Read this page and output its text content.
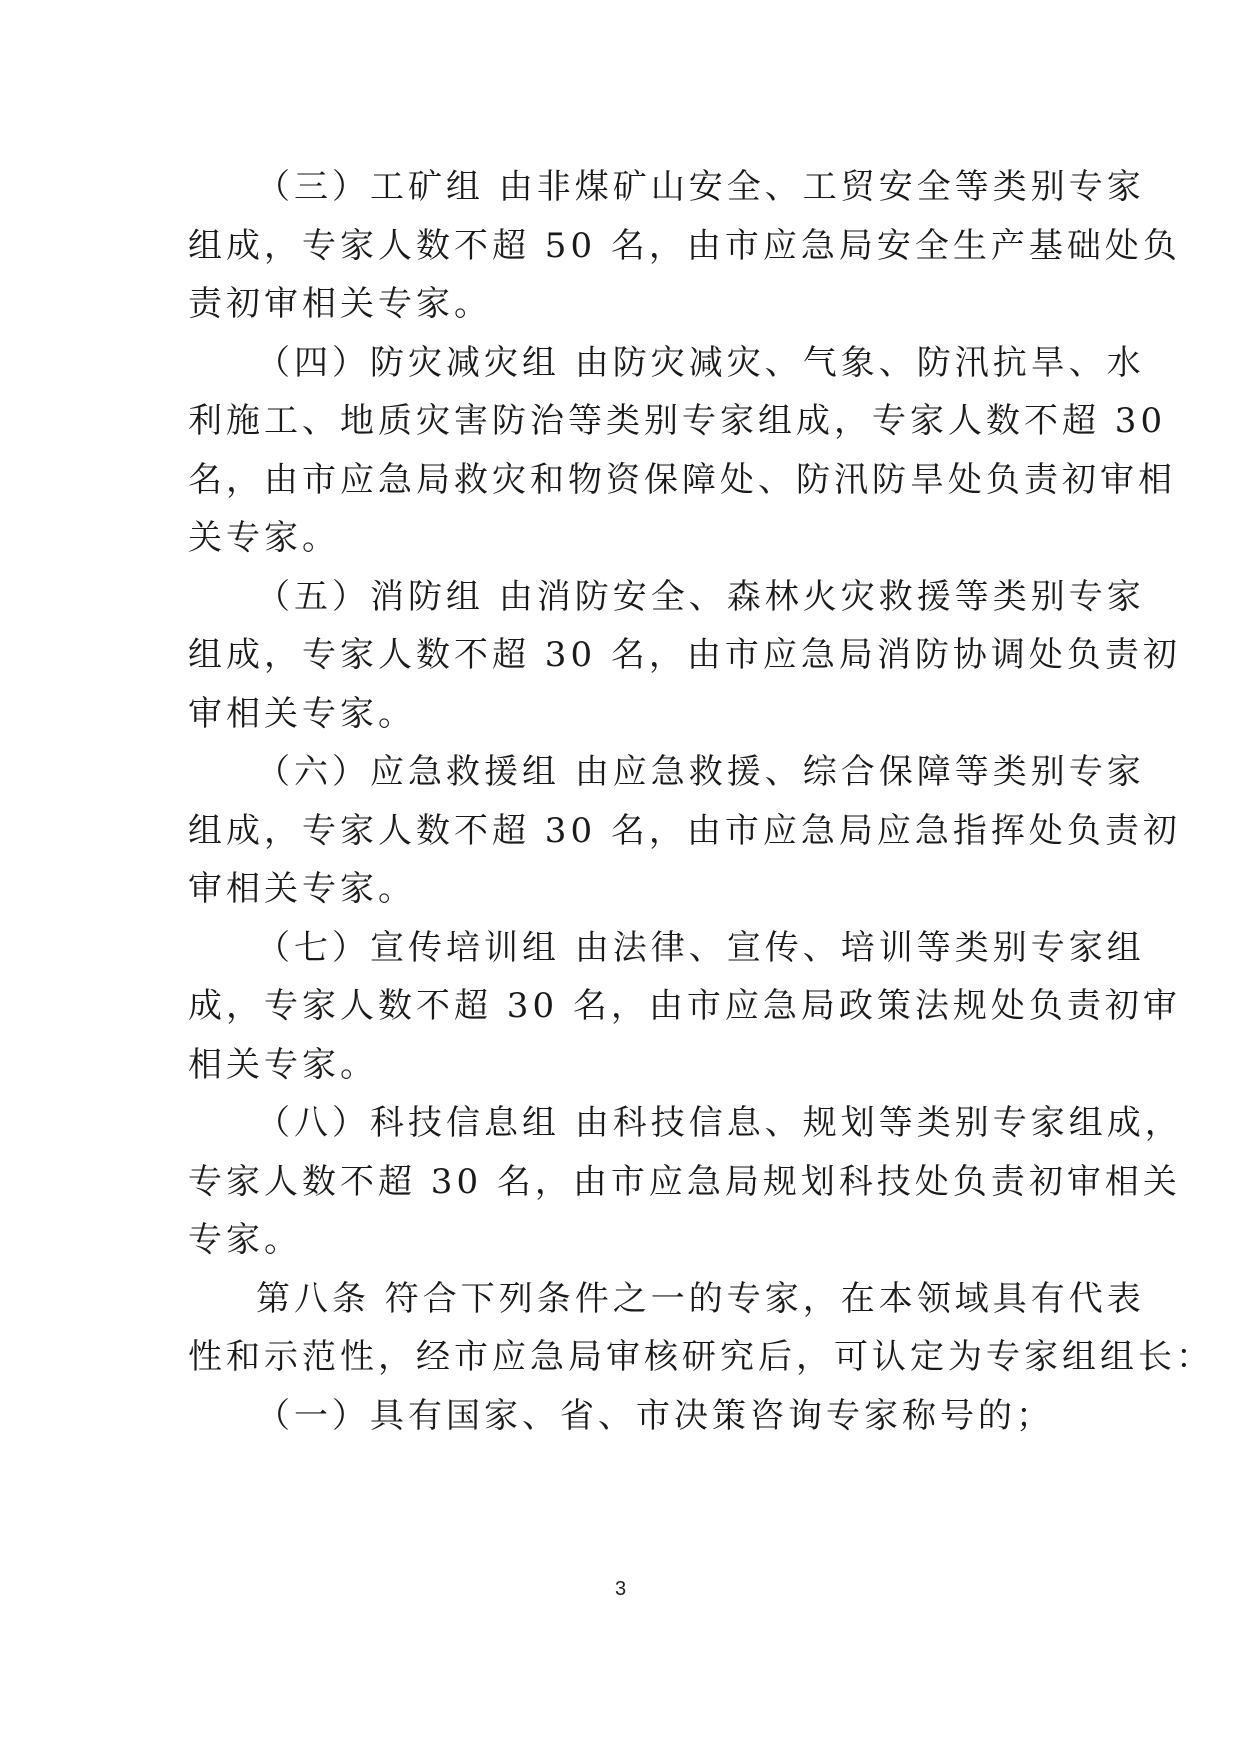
（三）工矿组 由非煤矿山安全、工贸安全等类别专家
组成，专家人数不超 50 名，由市应急局安全生产基础处负
责初审相关专家。

（四）防灾减灾组 由防灾减灾、气象、防汛抗旱、水
利施工、地质灾害防治等类别专家组成，专家人数不超 30
名，由市应急局救灾和物资保障处、防汛防旱处负责初审相
关专家。

（五）消防组 由消防安全、森林火灾救援等类别专家
组成，专家人数不超 30 名，由市应急局消防协调处负责初
审相关专家。

（六）应急救援组 由应急救援、综合保障等类别专家
组成，专家人数不超 30 名，由市应急局应急指挥处负责初
审相关专家。

（七）宣传培训组 由法律、宣传、培训等类别专家组
成，专家人数不超 30 名，由市应急局政策法规处负责初审
相关专家。

（八）科技信息组 由科技信息、规划等类别专家组成，
专家人数不超 30 名，由市应急局规划科技处负责初审相关
专家。

第八条 符合下列条件之一的专家，在本领域具有代表
性和示范性，经市应急局审核研究后，可认定为专家组组长：

（一）具有国家、省、市决策咨询专家称号的；

3
